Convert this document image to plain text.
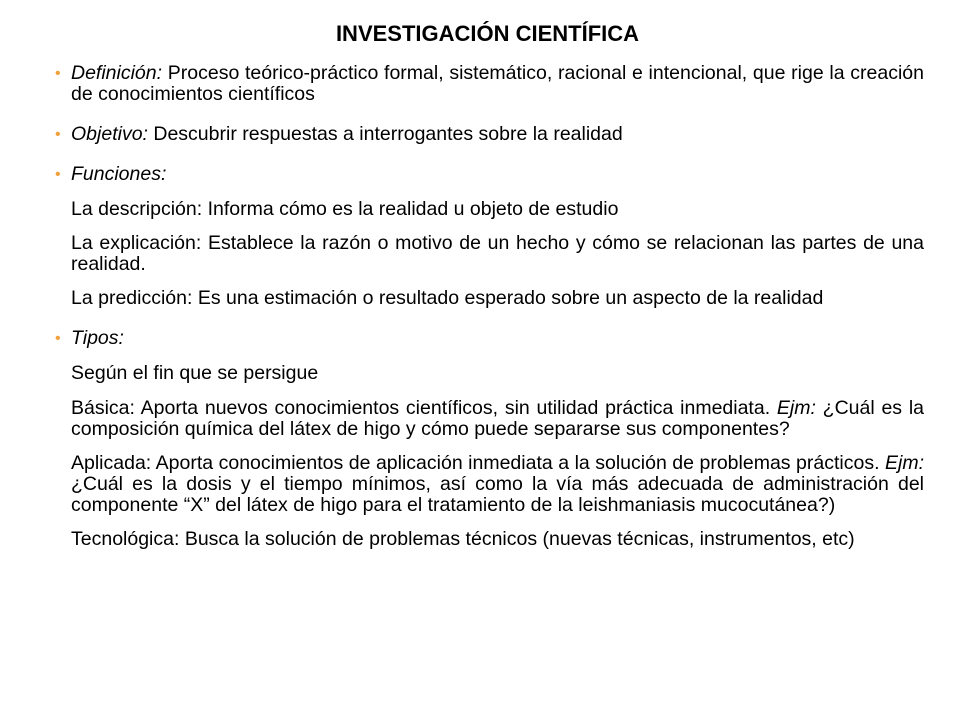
INVESTIGACIÓN CIENTÍFICA
• Definición: Proceso teórico-práctico formal, sistemático, racional e intencional, que rige la creación de conocimientos científicos

• Objetivo: Descubrir respuestas a interrogantes sobre la realidad

• Funciones:

La descripción: Informa cómo es la realidad u objeto de estudio

La explicación: Establece la razón o motivo de un hecho y cómo se relacionan las partes de una realidad.

La predicción: Es una estimación o resultado esperado sobre un aspecto de la realidad

• Tipos:

Según el fin que se persigue

Básica: Aporta nuevos conocimientos científicos, sin utilidad práctica inmediata. Ejm: ¿Cuál es la composición química del látex de higo y cómo puede separarse sus componentes?

Aplicada: Aporta conocimientos de aplicación inmediata a la solución de problemas prácticos. Ejm: ¿Cuál es la dosis y el tiempo mínimos, así como la vía más adecuada de administración del componente “X” del látex de higo para el tratamiento de la leishmaniasis mucocutánea?)

Tecnológica: Busca la solución de problemas técnicos (nuevas técnicas, instrumentos, etc)
